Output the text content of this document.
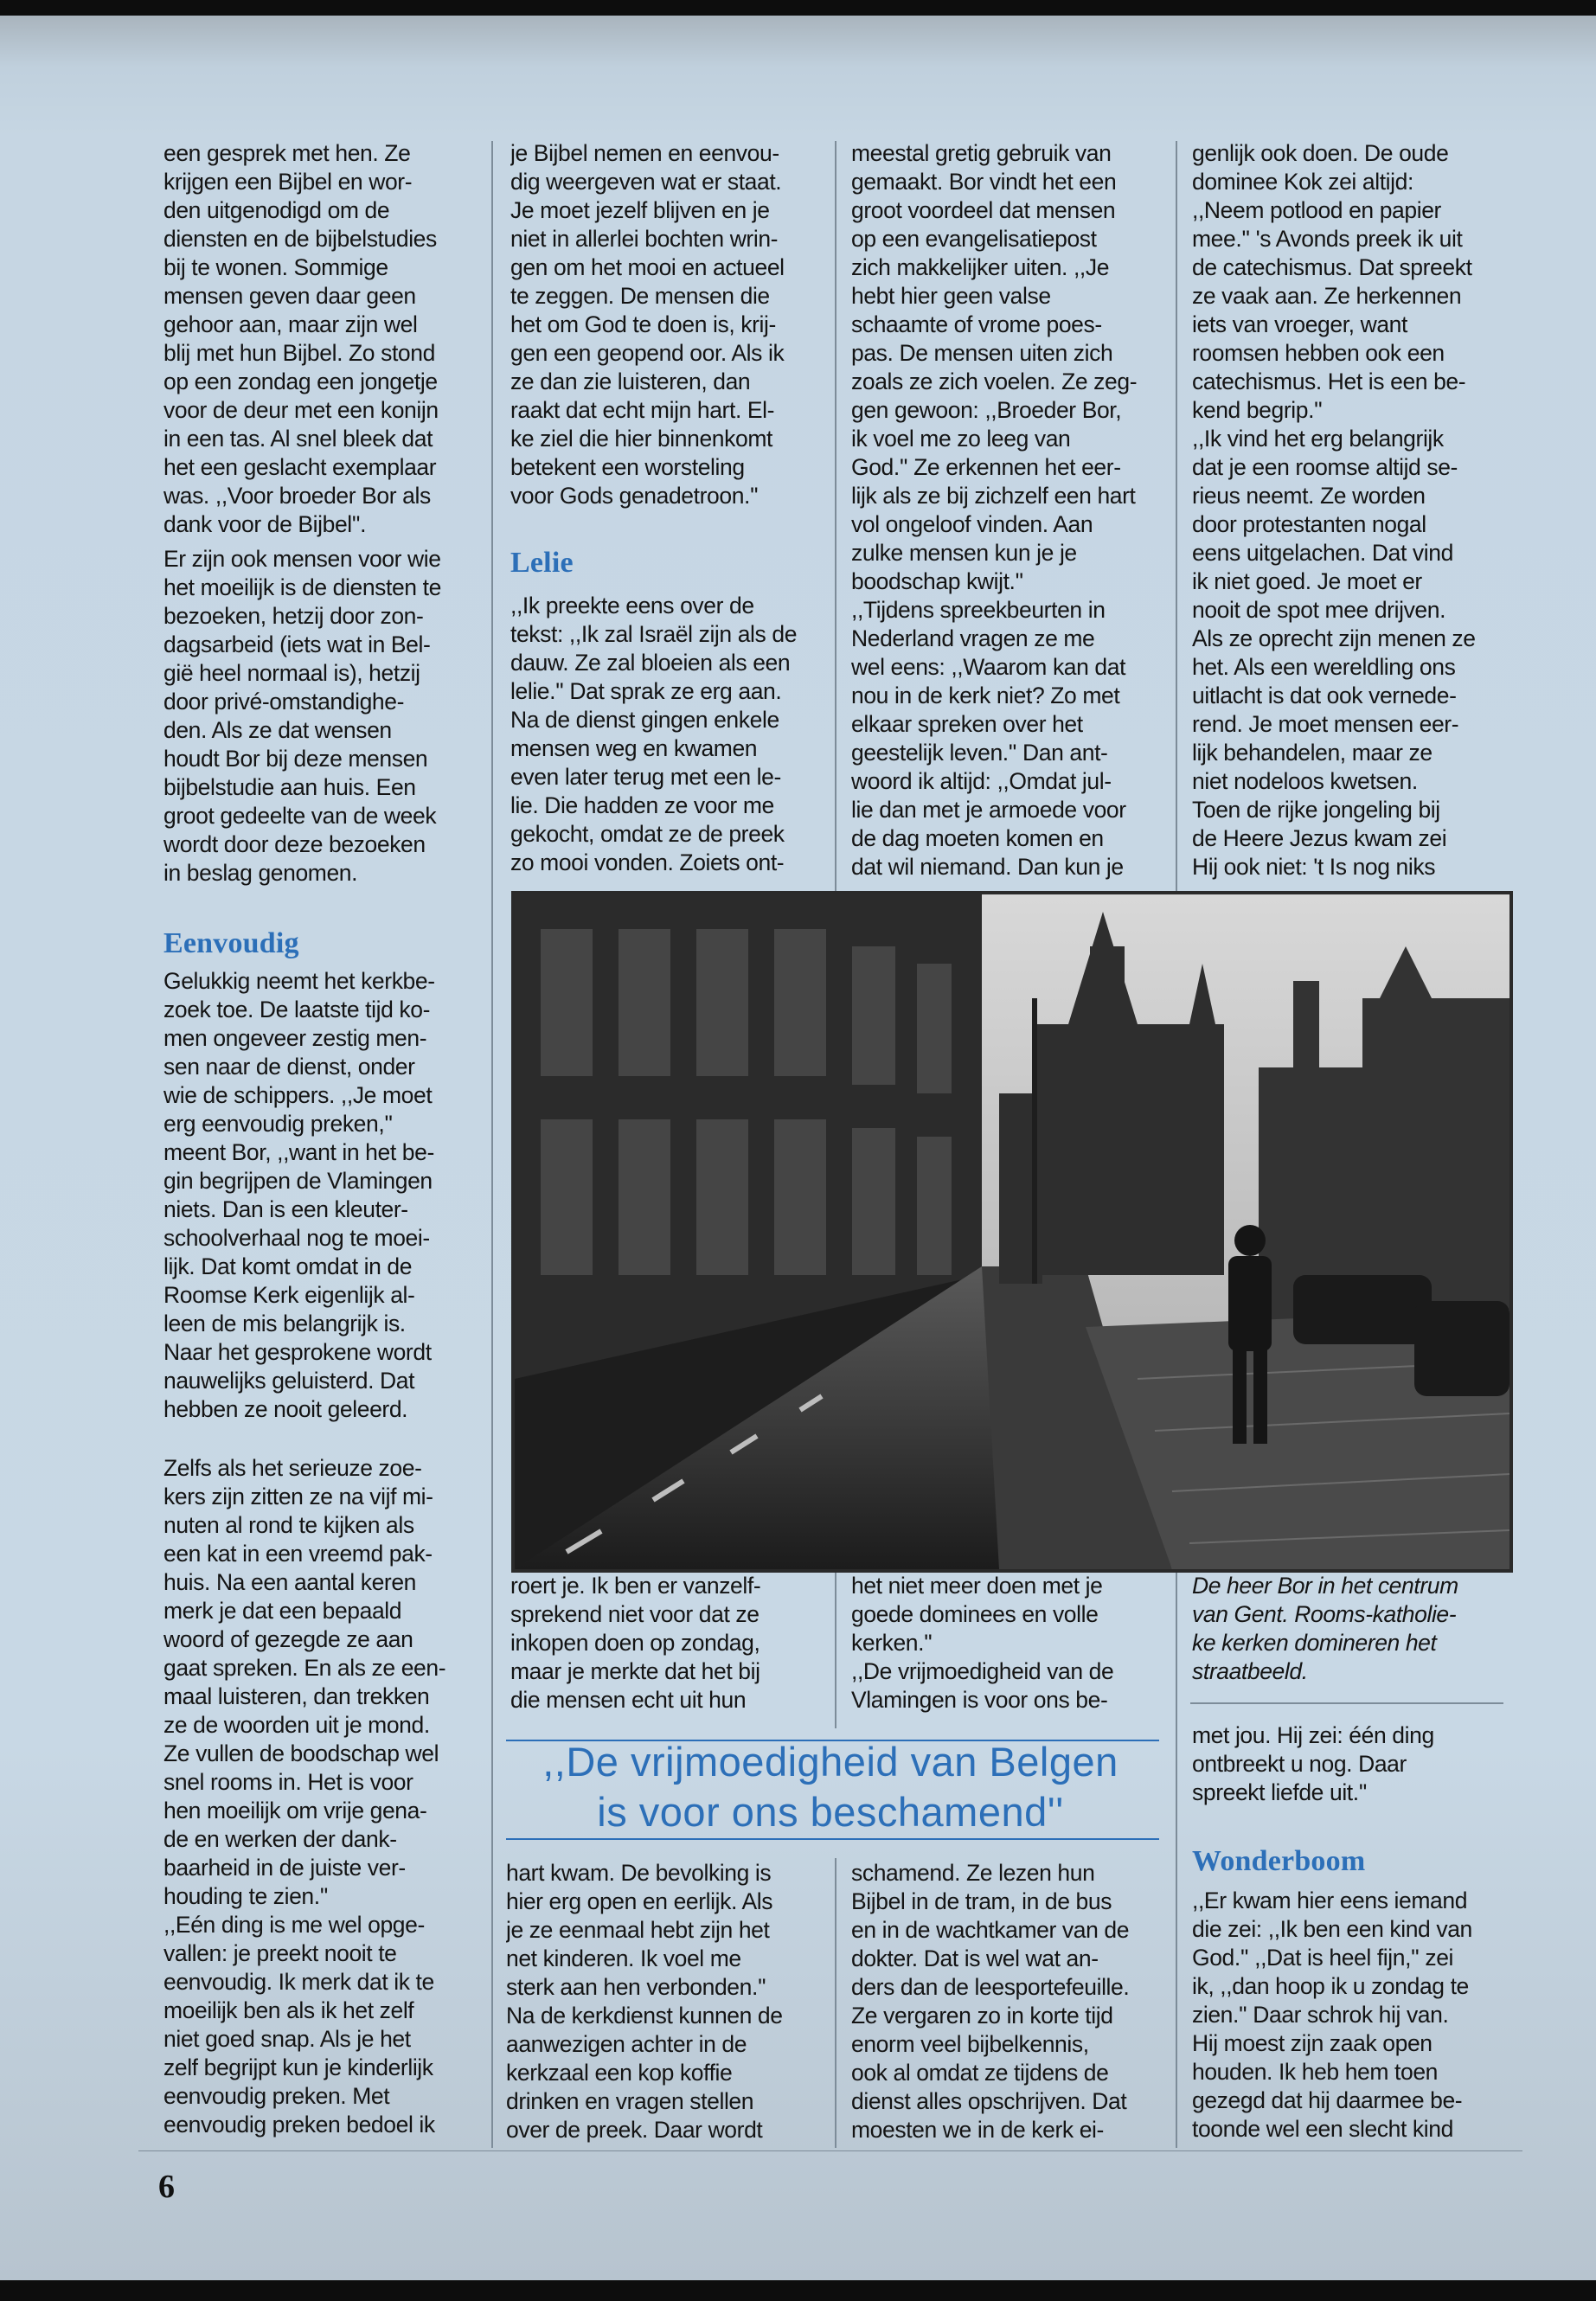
een gesprek met hen. Ze
krijgen een Bijbel en wor-
den uitgenodigd om de
diensten en de bijbelstudies
bij te wonen. Sommige
mensen geven daar geen
gehoor aan, maar zijn wel
blij met hun Bijbel. Zo stond
op een zondag een jongetje
voor de deur met een konijn
in een tas. Al snel bleek dat
het een geslacht exemplaar
was. ,,Voor broeder Bor als
dank voor de Bijbel''.
Er zijn ook mensen voor wie
het moeilijk is de diensten te
bezoeken, hetzij door zon-
dagsarbeid (iets wat in Bel-
gië heel normaal is), hetzij
door privé-omstandighe-
den. Als ze dat wensen
houdt Bor bij deze mensen
bijbelstudie aan huis. Een
groot gedeelte van de week
wordt door deze bezoeken
in beslag genomen.
Eenvoudig
Gelukkig neemt het kerkbe-
zoek toe. De laatste tijd ko-
men ongeveer zestig men-
sen naar de dienst, onder
wie de schippers. ,,Je moet
erg eenvoudig preken,''
meent Bor, ,,want in het be-
gin begrijpen de Vlamingen
niets. Dan is een kleuter-
schoolverhaal nog te moei-
lijk. Dat komt omdat in de
Roomse Kerk eigenlijk al-
leen de mis belangrijk is.
Naar het gesprokene wordt
nauwelijks geluisterd. Dat
hebben ze nooit geleerd.
Zelfs als het serieuze zoe-
kers zijn zitten ze na vijf mi-
nuten al rond te kijken als
een kat in een vreemd pak-
huis. Na een aantal keren
merk je dat een bepaald
woord of gezegde ze aan
gaat spreken. En als ze een-
maal luisteren, dan trekken
ze de woorden uit je mond.
Ze vullen de boodschap wel
snel rooms in. Het is voor
hen moeilijk om vrije gena-
de en werken der dank-
baarheid in de juiste ver-
houding te zien.''
,,Eén ding is me wel opge-
vallen: je preekt nooit te
eenvoudig. Ik merk dat ik te
moeilijk ben als ik het zelf
niet goed snap. Als je het
zelf begrijpt kun je kinderlijk
eenvoudig preken. Met
eenvoudig preken bedoel ik
je Bijbel nemen en eenvou-
dig weergeven wat er staat.
Je moet jezelf blijven en je
niet in allerlei bochten wrin-
gen om het mooi en actueel
te zeggen. De mensen die
het om God te doen is, krij-
gen een geopend oor. Als ik
ze dan zie luisteren, dan
raakt dat echt mijn hart. El-
ke ziel die hier binnenkomt
betekent een worsteling
voor Gods genadetroon.''
Lelie
,,Ik preekte eens over de
tekst: ,,Ik zal Israël zijn als de
dauw. Ze zal bloeien als een
lelie.'' Dat sprak ze erg aan.
Na de dienst gingen enkele
mensen weg en kwamen
even later terug met een le-
lie. Die hadden ze voor me
gekocht, omdat ze de preek
zo mooi vonden. Zoiets ont-
roert je. Ik ben er vanzelf-
sprekend niet voor dat ze
inkopen doen op zondag,
maar je merkte dat het bij
die mensen echt uit hun
hart kwam. De bevolking is
hier erg open en eerlijk. Als
je ze eenmaal hebt zijn het
net kinderen. Ik voel me
sterk aan hen verbonden.''
Na de kerkdienst kunnen de
aanwezigen achter in de
kerkzaal een kop koffie
drinken en vragen stellen
over de preek. Daar wordt
meestal gretig gebruik van
gemaakt. Bor vindt het een
groot voordeel dat mensen
op een evangelisatiepost
zich makkelijker uiten. ,,Je
hebt hier geen valse
schaamte of vrome poes-
pas. De mensen uiten zich
zoals ze zich voelen. Ze zeg-
gen gewoon: ,,Broeder Bor,
ik voel me zo leeg van
God.'' Ze erkennen het eer-
lijk als ze bij zichzelf een hart
vol ongeloof vinden. Aan
zulke mensen kun je je
boodschap kwijt.''
,,Tijdens spreekbeurten in
Nederland vragen ze me
wel eens: ,,Waarom kan dat
nou in de kerk niet? Zo met
elkaar spreken over het
geestelijk leven.'' Dan ant-
woord ik altijd: ,,Omdat jul-
lie dan met je armoede voor
de dag moeten komen en
dat wil niemand. Dan kun je
het niet meer doen met je
goede dominees en volle
kerken.''
,,De vrijmoedigheid van de
Vlamingen is voor ons be-
schamend. Ze lezen hun
Bijbel in de tram, in de bus
en in de wachtkamer van de
dokter. Dat is wel wat an-
ders dan de leesportefeuille.
Ze vergaren zo in korte tijd
enorm veel bijbelkennis,
ook al omdat ze tijdens de
dienst alles opschrijven. Dat
moesten we in de kerk ei-
genlijk ook doen. De oude
dominee Kok zei altijd:
,,Neem potlood en papier
mee.'' 's Avonds preek ik uit
de catechismus. Dat spreekt
ze vaak aan. Ze herkennen
iets van vroeger, want
roomsen hebben ook een
catechismus. Het is een be-
kend begrip.''
,,Ik vind het erg belangrijk
dat je een roomse altijd se-
rieus neemt. Ze worden
door protestanten nogal
eens uitgelachen. Dat vind
ik niet goed. Je moet er
nooit de spot mee drijven.
Als ze oprecht zijn menen ze
het. Als een wereldling ons
uitlacht is dat ook vernede-
rend. Je moet mensen eer-
lijk behandelen, maar ze
niet nodeloos kwetsen.
Toen de rijke jongeling bij
de Heere Jezus kwam zei
Hij ook niet: 't Is nog niks
De heer Bor in het centrum
van Gent. Rooms-katholie-
ke kerken domineren het
straatbeeld.
met jou. Hij zei: één ding
ontbreekt u nog. Daar
spreekt liefde uit.''
Wonderboom
,,Er kwam hier eens iemand
die zei: ,,Ik ben een kind van
God.'' ,,Dat is heel fijn,'' zei
ik, ,,dan hoop ik u zondag te
zien.'' Daar schrok hij van.
Hij moest zijn zaak open
houden. Ik heb hem toen
gezegd dat hij daarmee be-
toonde wel een slecht kind
,,De vrijmoedigheid van Belgen
is voor ons beschamend''
6
